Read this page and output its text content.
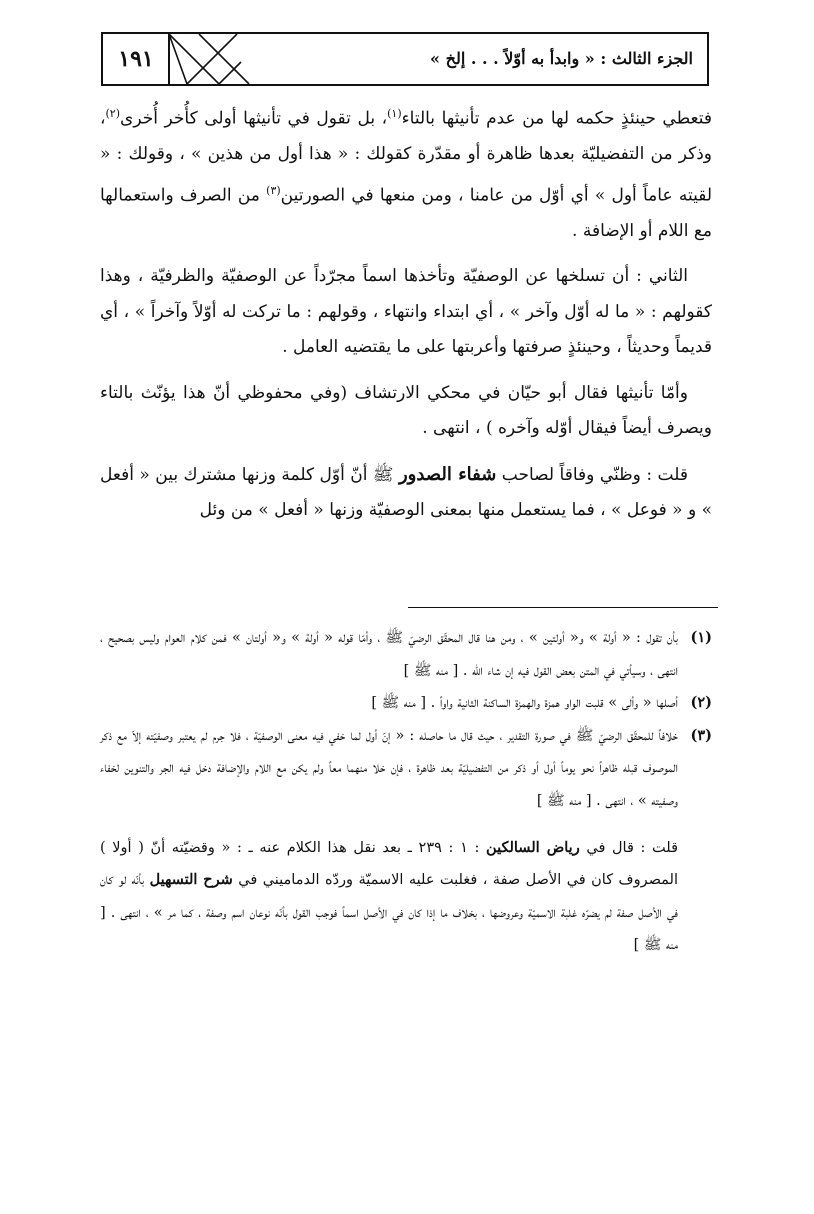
١٩١	الجزء الثالث : « وابدأ به أوّلاً . . . إلخ »

فتعطي حينئذٍ حكمه لها من عدم تأنيثها بالتاء$^{(١)}$، بل تقول في تأنيثها أولى كأُخر أُخرى$^{(٢)}$، وذكر من التفضيليّة بعدها ظاهرة أو مقدّرة كقولك : « هذا أول من هذين » ، وقولك : « لقيته عاماً أول » أي أوّل من عامنا ، ومن منعها في الصورتين$^{(٣)}$ من الصرف واستعمالها مع اللام أو الإضافة .

الثاني : أن تسلخها عن الوصفيّة وتأخذها اسماً مجرّداً عن الوصفيّة والظرفيّة ، وهذا كقولهم : « ما له أوّل وآخر » ، أي ابتداء وانتهاء ، وقولهم : ما تركت له أوّلاً وآخراً » ، أي قديماً وحديثاً ، وحينئذٍ صرفتها وأعربتها على ما يقتضيه العامل .

وأمّا تأنيثها فقال أبو حيّان في محكي الارتشاف (وفي محفوظي أنّ هذا يؤنّث بالتاء ويصرف أيضاً فيقال أوّله وآخره ) ، انتهى .

قلت : وظنّي وفاقاً لصاحب شفاء الصدور ﷺ أنّ أوّل كلمة وزنها مشترك بين « أفعل » و « فوعل » ، فما يستعمل منها بمعنى الوصفيّة وزنها « أفعل » من وئل

(١)
بأن تقول : « أولة » و« أولتين » ، ومن هنا قال المحقّق الرضيّ ﷺ ، وأمّا قوله « أولة » و« أولتان » فمن كلام العوام وليس بصحيح ، انتهى ، وسيأتي في المتن بعض القول فيه إن شاء الله . [ منه ﷺ ]
(٢)
أصلها « وألى » قلبت الواو همزة والهمزة الساكنة الثانية واواً . [ منه ﷺ ]
(٣)
خلافاً للمحقّق الرضيّ ﷺ في صورة التقدير ، حيث قال ما حاصله : « إنّ أول لما خفي فيه معنى الوصفيّة ، فلا جرم لم يعتبر وصفيّته إلاّ مع ذكر الموصوف قبله ظاهراً نحو يوماً أول أو ذكر من التفضيليّة بعد ظاهرة ، فإن خلا منهما معاً ولم يكن مع اللام والإضافة دخل فيه الجر والتنوين لخفاء وصفيته » ، انتهى . [ منه ﷺ ]

قلت : قال في رياض السالكين : ١ : ٢٣٩ ـ بعد نقل هذا الكلام عنه ـ : « وقضيّته أنّ ( أولا ) المصروف كان في الأصل صفة ، فغلبت عليه الاسميّة وردّه الدماميني في شرح التسهيل بأنّه لو كان في الأصل صفة لم يضرّه غلبة الاسميّة وعروضها ، بخلاف ما إذا كان في الأصل اسماً فوجب القول بأنّه نوعان اسم وصفة ، كما مر » ، انتهى . [ منه ﷺ ]
